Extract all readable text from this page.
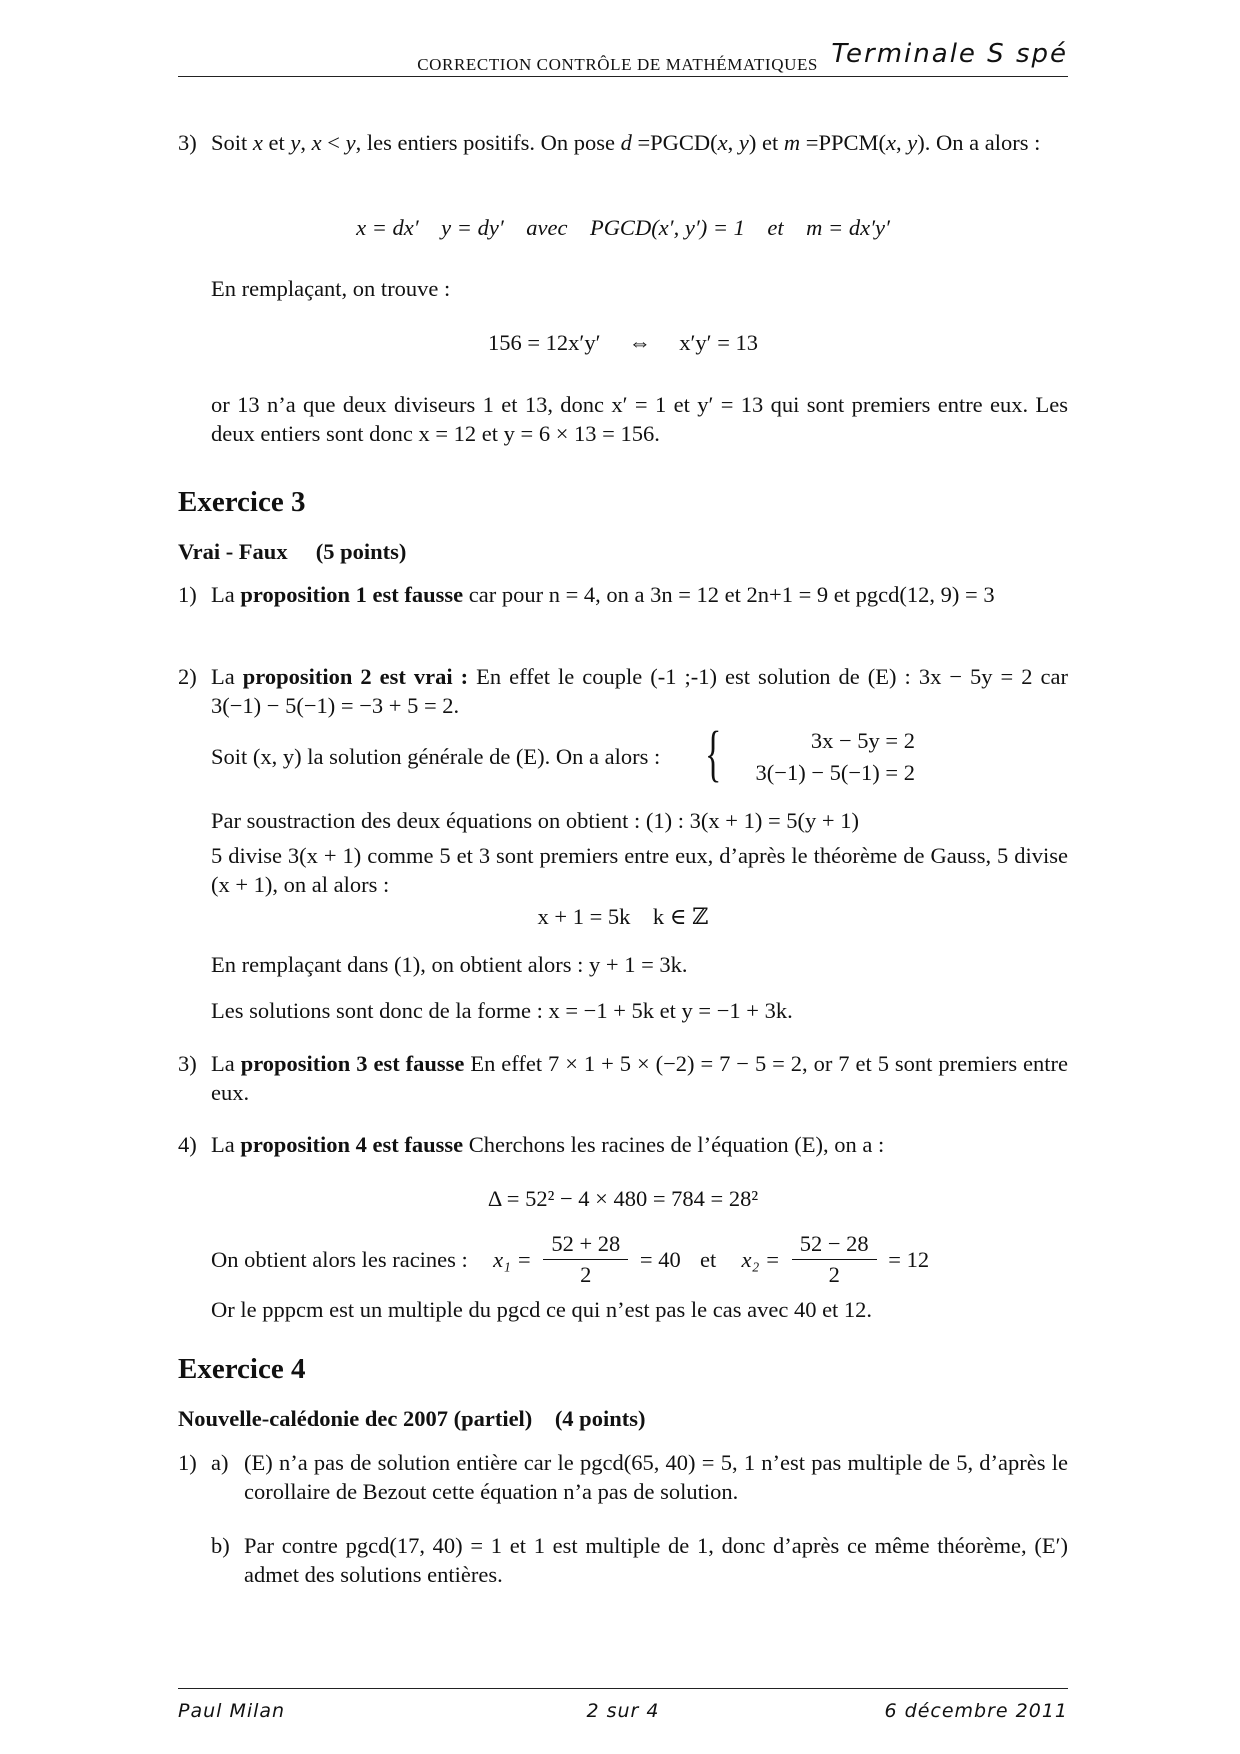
CORRECTION CONTRÔLE DE MATHÉMATIQUES Terminale S spé
3) Soit x et y, x < y, les entiers positifs. On pose d =PGCD(x, y) et m =PPCM(x, y). On a alors :
x = dx′    y = dy′    avec    PGCD(x′, y′) = 1    et    m = dx′y′
En remplaçant, on trouve :
156 = 12x′y′     ⇔     x′y′ = 13
or 13 n’a que deux diviseurs 1 et 13, donc x′ = 1 et y′ = 13 qui sont premiers entre eux. Les deux entiers sont donc x = 12 et y = 6 × 13 = 156.
Exercice 3
Vrai - Faux (5 points)
1) La proposition 1 est fausse car pour n = 4, on a 3n = 12 et 2n+1 = 9 et pgcd(12, 9) = 3
2) La proposition 2 est vrai : En effet le couple (-1 ;-1) est solution de (E) : 3x − 5y = 2 car 3(−1) − 5(−1) = −3 + 5 = 2.
Soit (x, y) la solution générale de (E). On a alors : {	3x − 5y = 2
3(−1) − 5(−1) = 2
Par soustraction des deux équations on obtient : (1) : 3(x + 1) = 5(y + 1)
5 divise 3(x + 1) comme 5 et 3 sont premiers entre eux, d’après le théorème de Gauss, 5 divise (x + 1), on al alors :
x + 1 = 5k    k ∈ ℤ
En remplaçant dans (1), on obtient alors : y + 1 = 3k.
Les solutions sont donc de la forme : x = −1 + 5k et y = −1 + 3k.
3) La proposition 3 est fausse En effet 7 × 1 + 5 × (−2) = 7 − 5 = 2, or 7 et 5 sont premiers entre eux.
4) La proposition 4 est fausse Cherchons les racines de l’équation (E), on a :
Δ = 52² − 4 × 480 = 784 = 28²
On obtient alors les racines : $x_1 = \frac{52 + 28}{2} = 40$ et $x_2 = \frac{52 - 28}{2} = 12$
Or le pppcm est un multiple du pgcd ce qui n’est pas le cas avec 40 et 12.
Exercice 4
Nouvelle-calédonie dec 2007 (partiel) (4 points)
1) a) (E) n’a pas de solution entière car le pgcd(65, 40) = 5, 1 n’est pas multiple de 5, d’après le corollaire de Bezout cette équation n’a pas de solution.
b) Par contre pgcd(17, 40) = 1 et 1 est multiple de 1, donc d’après ce même théorème, (E′) admet des solutions entières.
Paul Milan	2 sur 4	6 décembre 2011
